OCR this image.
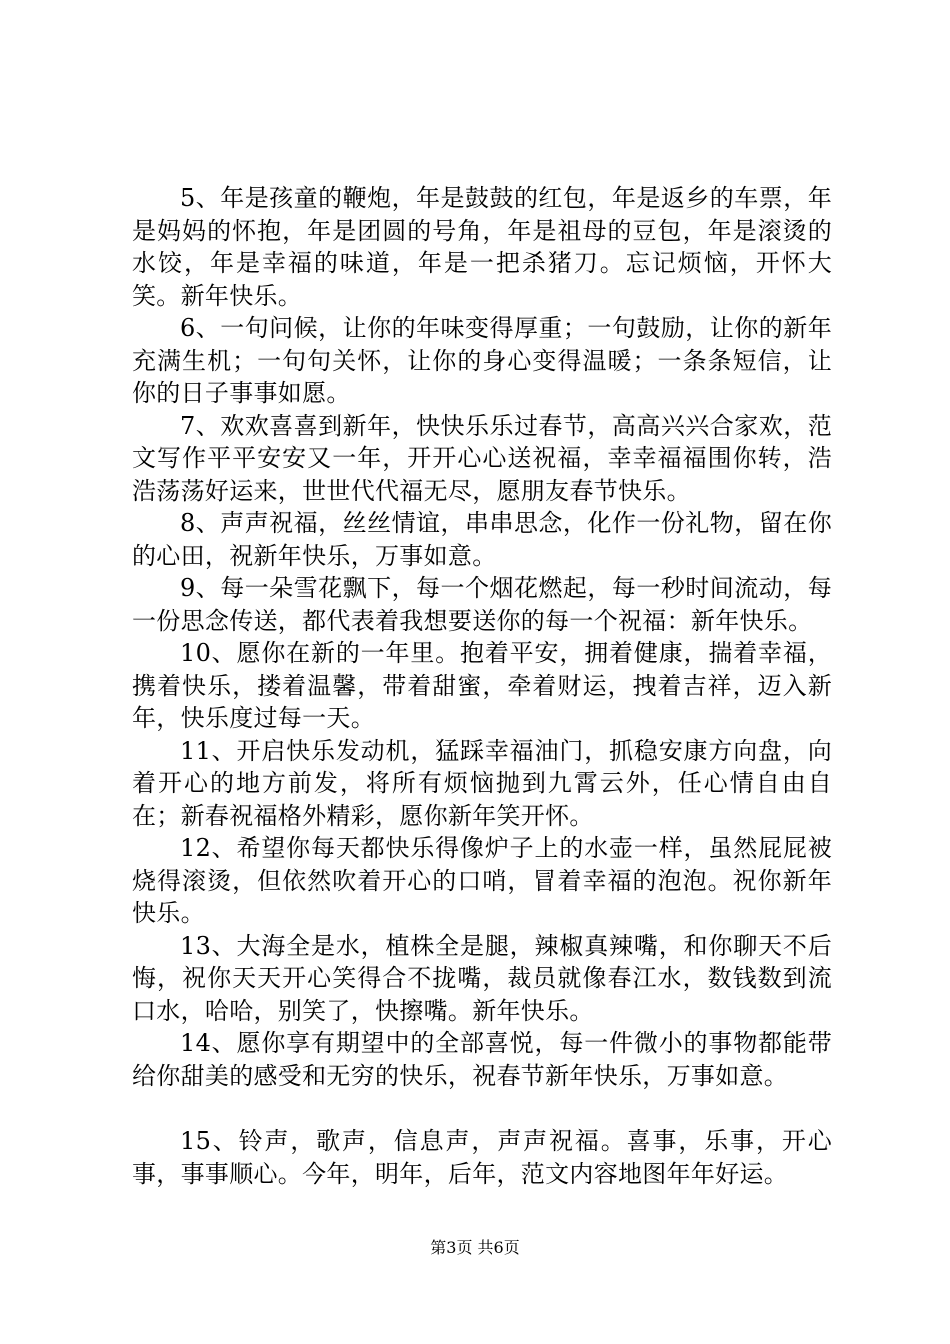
5、年是孩童的鞭炮，年是鼓鼓的红包，年是返乡的车票，年是妈妈的怀抱，年是团圆的号角，年是祖母的豆包，年是滚烫的水饺，年是幸福的味道，年是一把杀猪刀。忘记烦恼，开怀大笑。新年快乐。

6、一句问候，让你的年味变得厚重；一句鼓励，让你的新年充满生机；一句句关怀，让你的身心变得温暖；一条条短信，让你的日子事事如愿。

7、欢欢喜喜到新年，快快乐乐过春节，高高兴兴合家欢，范文写作平平安安又一年，开开心心送祝福，幸幸福福围你转，浩浩荡荡好运来，世世代代福无尽，愿朋友春节快乐。

8、声声祝福，丝丝情谊，串串思念，化作一份礼物，留在你的心田，祝新年快乐，万事如意。

9、每一朵雪花飘下，每一个烟花燃起，每一秒时间流动，每一份思念传送，都代表着我想要送你的每一个祝福：新年快乐。

10、愿你在新的一年里。抱着平安，拥着健康，揣着幸福，携着快乐，搂着温馨，带着甜蜜，牵着财运，拽着吉祥，迈入新年，快乐度过每一天。

11、开启快乐发动机，猛踩幸福油门，抓稳安康方向盘，向着开心的地方前发，将所有烦恼抛到九霄云外，任心情自由自在；新春祝福格外精彩，愿你新年笑开怀。

12、希望你每天都快乐得像炉子上的水壶一样，虽然屁屁被烧得滚烫，但依然吹着开心的口哨，冒着幸福的泡泡。祝你新年快乐。

13、大海全是水，植株全是腿，辣椒真辣嘴，和你聊天不后悔，祝你天天开心笑得合不拢嘴，裁员就像春江水，数钱数到流口水，哈哈，别笑了，快擦嘴。新年快乐。

14、愿你享有期望中的全部喜悦，每一件微小的事物都能带给你甜美的感受和无穷的快乐，祝春节新年快乐，万事如意。

15、铃声，歌声，信息声，声声祝福。喜事，乐事，开心事，事事顺心。今年，明年，后年，范文内容地图年年好运。

第3页 共6页
